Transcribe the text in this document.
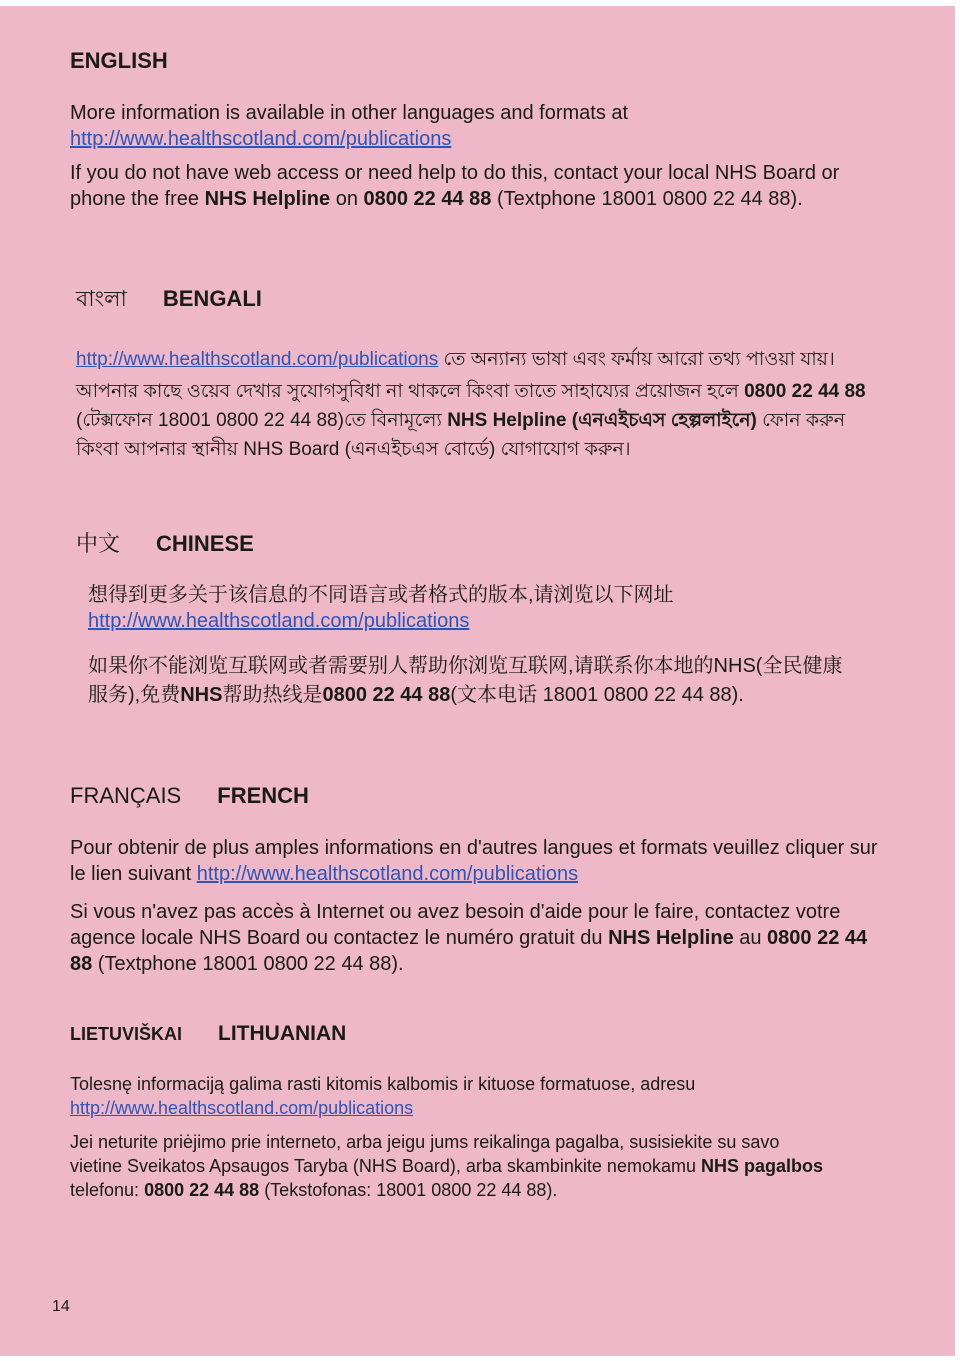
ENGLISH

More information is available in other languages and formats at
http://www.healthscotland.com/publications

If you do not have web access or need help to do this, contact your local NHS Board or phone the free NHS Helpline on 0800 22 44 88 (Textphone 18001 0800 22 44 88).

বাংলা BENGALI

http://www.healthscotland.com/publications তে অন্যান্য ভাষা এবং ফর্মায় আরো তথ্য পাওয়া যায়।

আপনার কাছে ওয়েব দেখার সুযোগসুবিধা না থাকলে কিংবা তাতে সাহায্যের প্রয়োজন হলে 0800 22 44 88 (টেক্সফোন 18001 0800 22 44 88)তে বিনামূল্যে NHS Helpline (এনএইচএস হেল্পলাইনে) ফোন করুন কিংবা আপনার স্থানীয় NHS Board (এনএইচএস বোর্ডে) যোগাযোগ করুন।

中文 CHINESE

想得到更多关于该信息的不同语言或者格式的版本,请浏览以下网址
http://www.healthscotland.com/publications

如果你不能浏览互联网或者需要别人帮助你浏览互联网,请联系你本地的NHS(全民健康服务),免费NHS帮助热线是0800 22 44 88(文本电话 18001 0800 22 44 88).

FRANÇAIS FRENCH

Pour obtenir de plus amples informations en d'autres langues et formats veuillez cliquer sur le lien suivant http://www.healthscotland.com/publications

Si vous n'avez pas accès à Internet ou avez besoin d'aide pour le faire, contactez votre agence locale NHS Board ou contactez le numéro gratuit du NHS Helpline au 0800 22 44 88 (Textphone 18001 0800 22 44 88).

LIETUVIŠKAI LITHUANIAN

Tolesnę informaciją galima rasti kitomis kalbomis ir kituose formatuose, adresu
http://www.healthscotland.com/publications

Jei neturite priėjimo prie interneto, arba jeigu jums reikalinga pagalba, susisiekite su savo vietine Sveikatos Apsaugos Taryba (NHS Board), arba skambinkite nemokamu NHS pagalbos telefonu: 0800 22 44 88 (Tekstofonas: 18001 0800 22 44 88).

14
